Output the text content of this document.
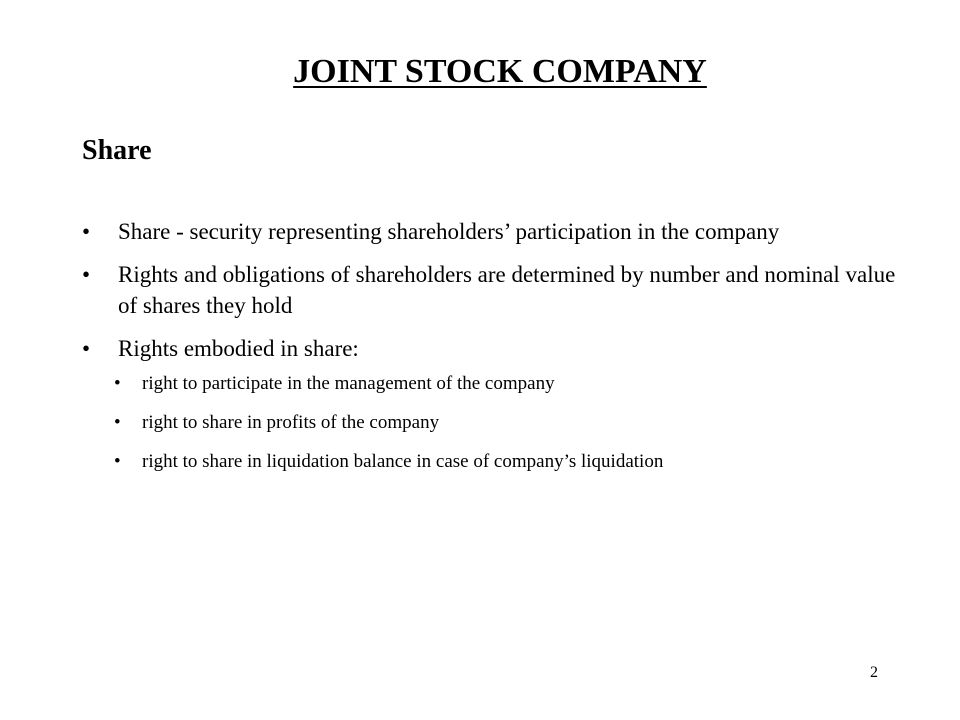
JOINT STOCK COMPANY
Share
• Share - security representing shareholders’ participation in the company
• Rights and obligations of shareholders are determined by number and nominal value of shares they hold
• Rights embodied in share:
• right to participate in the management of the company
• right to share in profits of the company
• right to share in liquidation balance in case of company’s liquidation
2
